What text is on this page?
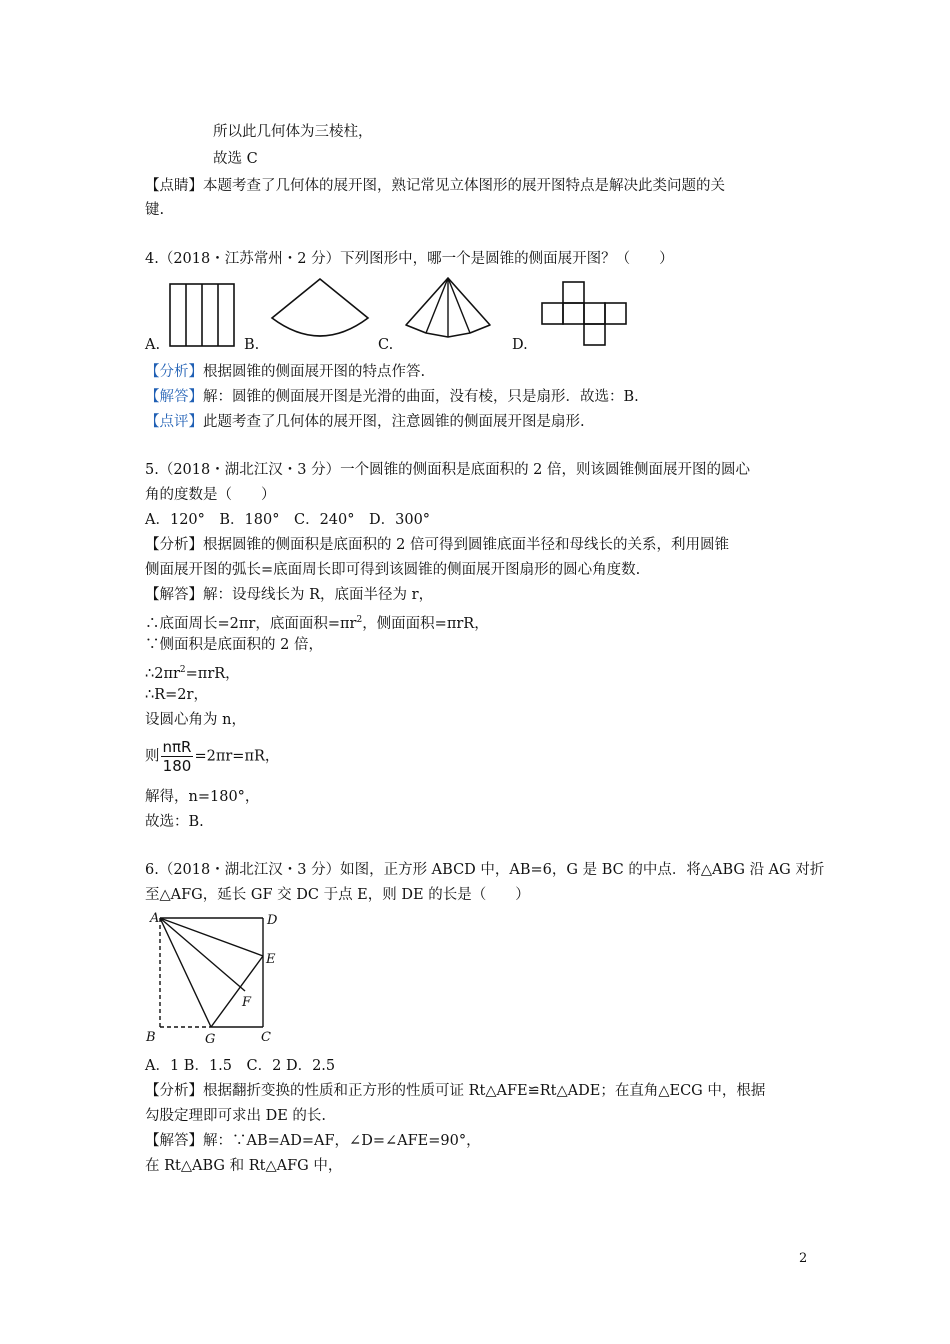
所以此几何体为三棱柱，
故选 C
【点睛】本题考查了几何体的展开图，熟记常见立体图形的展开图特点是解决此类问题的关
键.
4.（2018・江苏常州・2 分）下列图形中，哪一个是圆锥的侧面展开图？（　　）
A.	B.	C.	D.
【分析】根据圆锥的侧面展开图的特点作答.
【解答】解：圆锥的侧面展开图是光滑的曲面，没有棱，只是扇形．故选：B.
【点评】此题考查了几何体的展开图，注意圆锥的侧面展开图是扇形.
5.（2018・湖北江汉・3 分）一个圆锥的侧面积是底面积的 2 倍，则该圆锥侧面展开图的圆心
角的度数是（　　）
A．120°　B．180°　C．240°　D．300°
【分析】根据圆锥的侧面积是底面积的 2 倍可得到圆锥底面半径和母线长的关系，利用圆锥
侧面展开图的弧长=底面周长即可得到该圆锥的侧面展开图扇形的圆心角度数.
【解答】解：设母线长为 R，底面半径为 r，
∴底面周长=2πr，底面面积$=\pi r^2$，侧面面积=πrR，
∵侧面积是底面积的 2 倍，
$\therefore 2\pi r^2=\pi rR$，
∴R=2r，
设圆心角为 n，
则 $\frac{\text{nπR}}{180} =2\pi r=\pi R$，
解得，n=180°，
故选：B.
6.（2018・湖北江汉・3 分）如图，正方形 ABCD 中，AB=6，G 是 BC 的中点．将△ABG 沿 AG 对折
至△AFG，延长 GF 交 DC 于点 E，则 DE 的长是（　　）
A	D
E
F
B	G	C
A．1 B．1.5　C．2 D．2.5
【分析】根据翻折变换的性质和正方形的性质可证 Rt△AFE≌Rt△ADE；在直角△ECG 中，根据
勾股定理即可求出 DE 的长.
【解答】解：∵AB=AD=AF，∠D=∠AFE=90°，
在 Rt△ABG 和 Rt△AFG 中，
2
